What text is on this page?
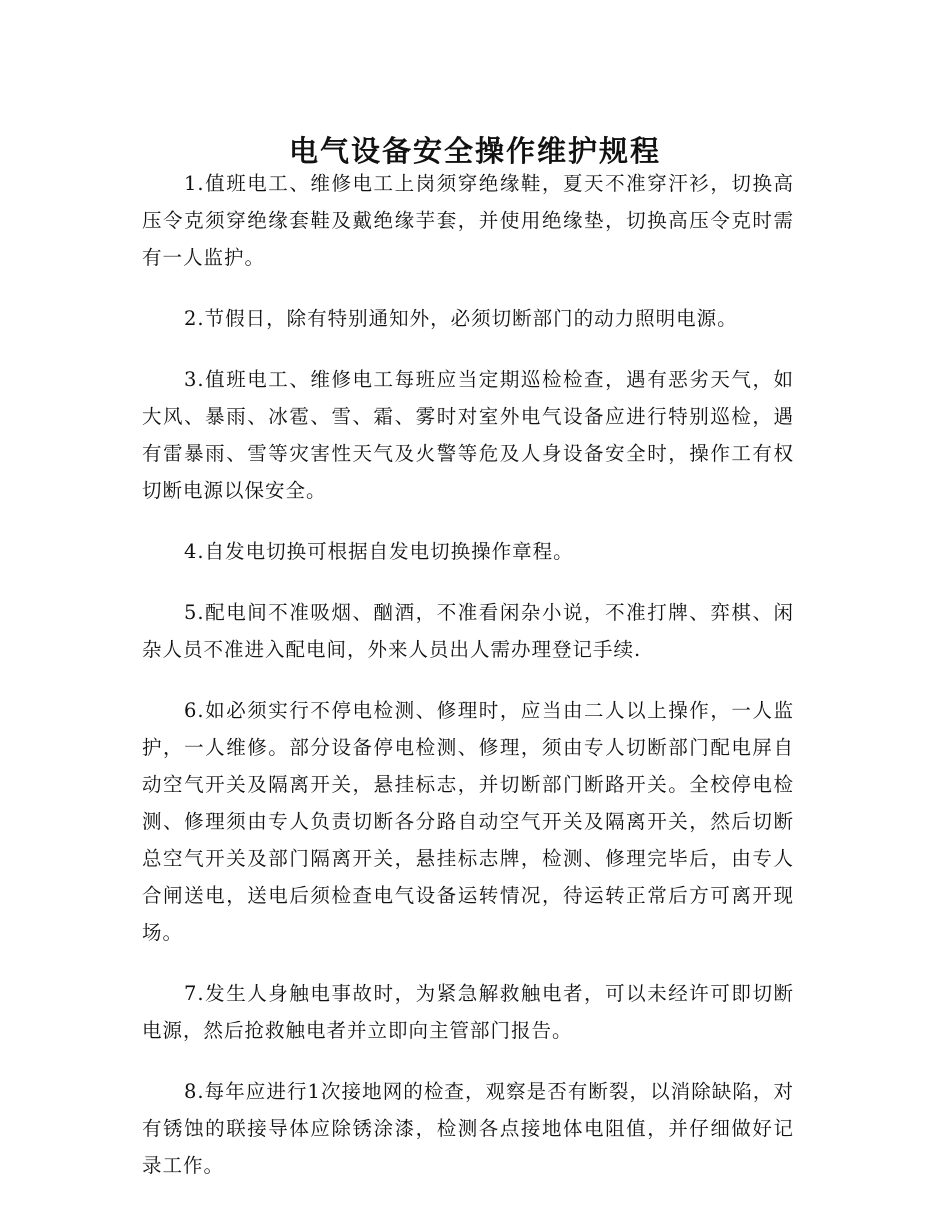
电气设备安全操作维护规程

1.值班电工、维修电工上岗须穿绝缘鞋，夏天不准穿汗衫，切换高压令克须穿绝缘套鞋及戴绝缘芋套，并使用绝缘垫，切换高压令克时需有一人监护。

2.节假日，除有特别通知外，必须切断部门的动力照明电源。

3.值班电工、维修电工每班应当定期巡检检查，遇有恶劣天气，如大风、暴雨、冰雹、雪、霜、雾时对室外电气设备应进行特别巡检，遇有雷暴雨、雪等灾害性天气及火警等危及人身设备安全时，操作工有权切断电源以保安全。

4.自发电切换可根据自发电切换操作章程。

5.配电间不准吸烟、酗酒，不准看闲杂小说，不准打牌、弈棋、闲杂人员不准进入配电间，外来人员出人需办理登记手续.

6.如必须实行不停电检测、修理时，应当由二人以上操作，一人监护，一人维修。部分设备停电检测、修理，须由专人切断部门配电屏自动空气开关及隔离开关，悬挂标志，并切断部门断路开关。全校停电检测、修理须由专人负责切断各分路自动空气开关及隔离开关，然后切断总空气开关及部门隔离开关，悬挂标志牌，检测、修理完毕后，由专人合闸送电，送电后须检查电气设备运转情况，待运转正常后方可离开现场。

7.发生人身触电事故时，为紧急解救触电者，可以未经许可即切断电源，然后抢救触电者并立即向主管部门报告。

8.每年应进行1次接地网的检查，观察是否有断裂，以消除缺陷，对有锈蚀的联接导体应除锈涂漆，检测各点接地体电阻值，并仔细做好记录工作。
